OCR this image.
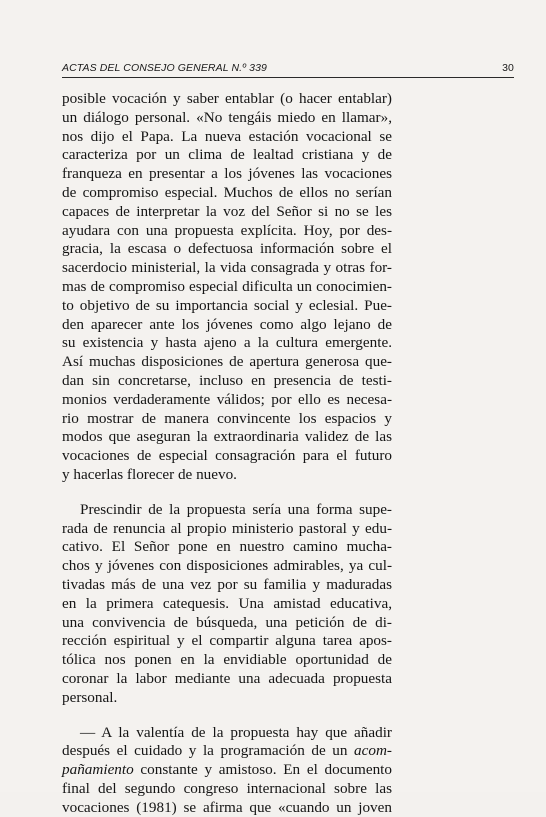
ACTAS DEL CONSEJO GENERAL N.º 339	30
posible vocación y saber entablar (o hacer entablar)
un diálogo personal. «No tengáis miedo en llamar»,
nos dijo el Papa. La nueva estación vocacional se
caracteriza por un clima de lealtad cristiana y de
franqueza en presentar a los jóvenes las vocaciones
de compromiso especial. Muchos de ellos no serían
capaces de interpretar la voz del Señor si no se les
ayudara con una propuesta explícita. Hoy, por des-
gracia, la escasa o defectuosa información sobre el
sacerdocio ministerial, la vida consagrada y otras for-
mas de compromiso especial dificulta un conocimien-
to objetivo de su importancia social y eclesial. Pue-
den aparecer ante los jóvenes como algo lejano de
su existencia y hasta ajeno a la cultura emergente.
Así muchas disposiciones de apertura generosa que-
dan sin concretarse, incluso en presencia de testi-
monios verdaderamente válidos; por ello es necesa-
rio mostrar de manera convincente los espacios y
modos que aseguran la extraordinaria validez de las
vocaciones de especial consagración para el futuro
y hacerlas florecer de nuevo.
Prescindir de la propuesta sería una forma supe-
rada de renuncia al propio ministerio pastoral y edu-
cativo. El Señor pone en nuestro camino mucha-
chos y jóvenes con disposiciones admirables, ya cul-
tivadas más de una vez por su familia y maduradas
en la primera catequesis. Una amistad educativa,
una convivencia de búsqueda, una petición de di-
rección espiritual y el compartir alguna tarea apos-
tólica nos ponen en la envidiable oportunidad de
coronar la labor mediante una adecuada propuesta
personal.
— A la valentía de la propuesta hay que añadir
después el cuidado y la programación de un acom-
pañamiento constante y amistoso. En el documento
final del segundo congreso internacional sobre las
vocaciones (1981) se afirma que «cuando un joven
